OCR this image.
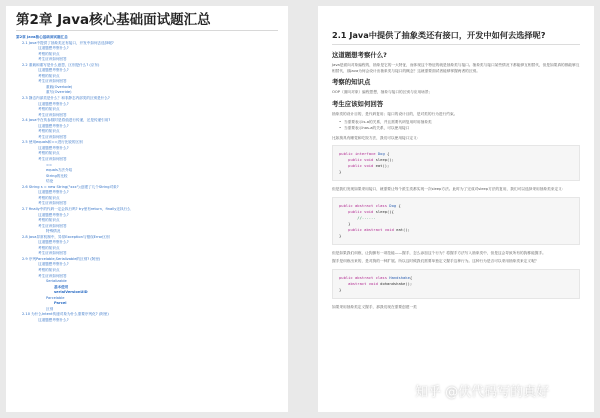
第2章 Java核心基础面试题汇总
第2章 Java核心基础面试题汇总
2.1 Java中提供了抽象类还有接口，开发中如何去选择呢?
这道题想考察什么?
考察的知识点
考生应该如何回答
2.2 重载和重写是什么意思，区别是什么? (京东)
这道题想考察什么?
考察的知识点
考生应该如何回答
重载(Overlode)
重写(Override)
2.3 静态内部类是什么？和非静态内部类的区别是什么?
这道题想考察什么?
考察的知识点
考生应该如何回答
2.4 Java中在传参数时是将值进行传递，还是传递引用?
这道题想考察什么?
考察的知识点
考生应该如何回答
2.5 使用equals和==进行比较的区别
这道题想考察什么?
考察的知识点
考生应该如何回答
==
equals方法介绍
String的比较
结论
2.6 String s = new String("xxx");创建了几个String对象?
这道题想考察什么?
考察的知识点
考生应该如何回答
2.7 finally中的代码一定会执行吗? try里有return，finally还执行么
这道题想考察什么?
考察的知识点
考生应该如何回答
特殊情况
2.8 Java异常机制中，异常Exception与错误Error区别
这道题想考察什么?
考察的知识点
考生应该如何回答
2.9 序列Parcelable,Serializable的区别? (阿里)
这道题想考察什么?
考察的知识点
考生应该如何回答
Serializable
基本使用
serialVersionUID
Parcelable
Parcel
区别
2.10 为什么Intent传递对象为什么需要序列化? (阿里)
这道题想考察什么?
2.1 Java中提供了抽象类还有接口，开发中如何去选择呢?
这道题想考察什么?
Java是面向对象编程的，抽象是它的一大特征，而体现这个特征的就是抽象类与接口。抽象类与接口某些情况下都能够互相替代，但是如果真的都能够互相替代，那Java为何会设计出抽象类与接口的概念？这就需要面试者能够掌握两者的区别。
考察的知识点
OOP（面向对象）编程思想，抽象与接口的区别与应用场景；
考生应该如何回答
抽象类的设计目的，是代码复用；接口的设计目的，是对类的行为进行约束。
• 当需要表示is-a的关系，并且需要代码复用时用抽象类
• 当需要表示has-a的关系，可以使用接口
比如狗具有睡觉和吃饭方法，我们可以使用接口定义：
public interface Dog {
public void sleep();
public void eat();
}
但是我们发现如果采用接口，就需要让每个派生类都实现一次sleep方法。此时为了完成对sleep方法的复用，我们可以选择采用抽象类来定义：
public abstract class Dog {
public void sleep(){
//......
}
public abstract void eat();
}
但是如果我们训练，让狗拥有一项技能——握手，怎么添加这个行为？将握手方法写入抽象类中，但是这会导致所有的狗都能握手。
握手是训练出来的，是对狗的一种扩展。所以这时候我们需要单独定义握手这种行为。这种行为是否可以采用抽象类来定义呢？
public abstract class Handshake{
abstract void dohandshake();
}
如果采用抽象类定义握手，那我们现在需要创建一类
知乎 @伏代码写的真好
